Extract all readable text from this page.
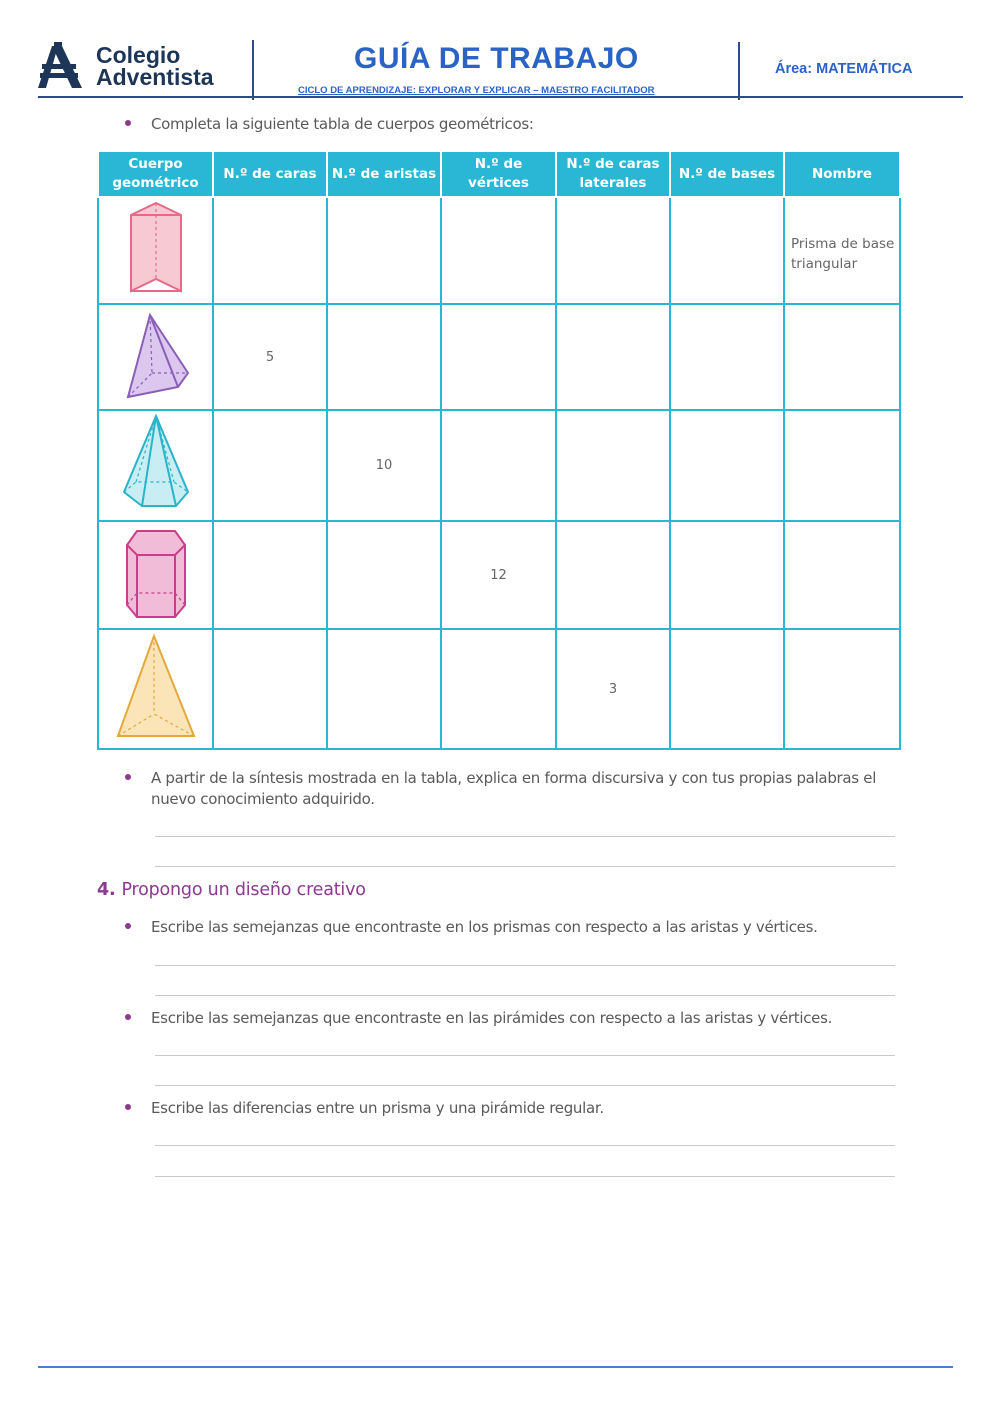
Colegio
Adventista
GUÍA DE TRABAJO
CICLO DE APRENDIZAJE: EXPLORAR Y EXPLICAR – MAESTRO FACILITADOR
Área: MATEMÁTICA
Completa la siguiente tabla de cuerpos geométricos:
Cuerpo geométrico	N.º de caras	N.º de aristas	N.º de vértices	N.º de caras laterales	N.º de bases	Nombre
						Prisma de base triangular
	5					
		10				
			12			
				3		
A partir de la síntesis mostrada en la tabla, explica en forma discursiva y con tus propias palabras el nuevo conocimiento adquirido.
4. Propongo un diseño creativo
Escribe las semejanzas que encontraste en los prismas con respecto a las aristas y vértices.
Escribe las semejanzas que encontraste en las pirámides con respecto a las aristas y vértices.
Escribe las diferencias entre un prisma y una pirámide regular.
